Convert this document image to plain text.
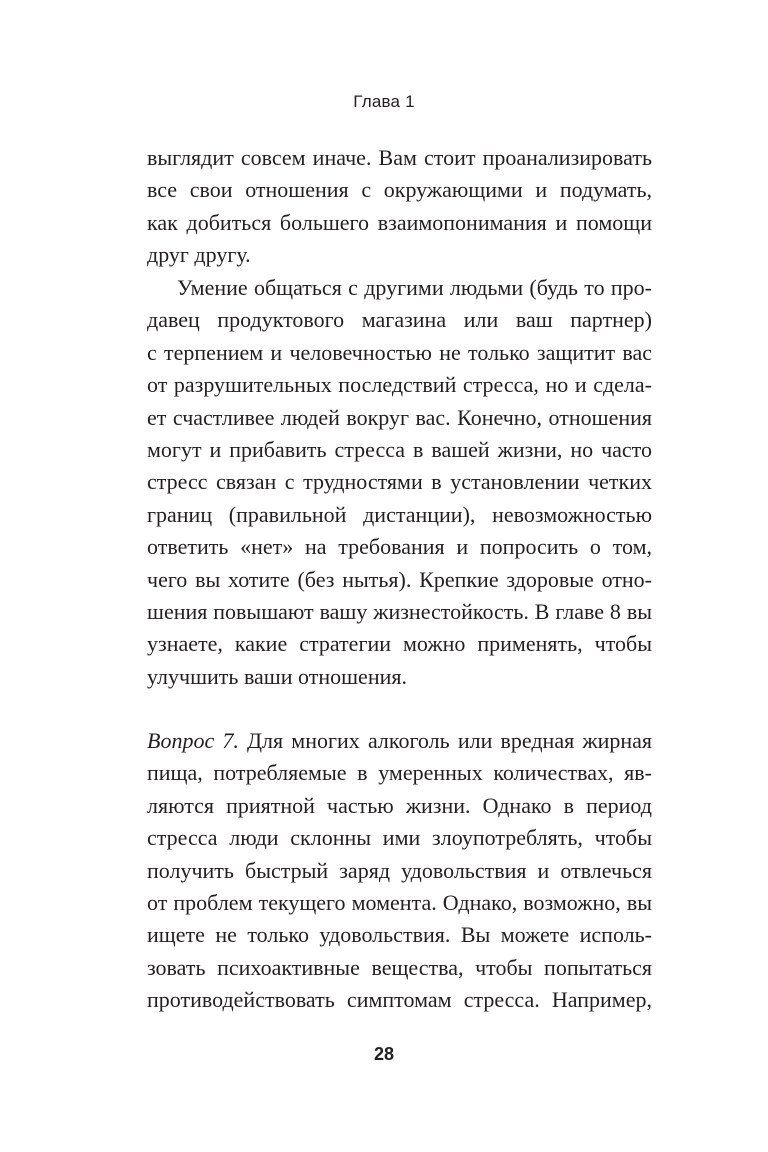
Глава 1
выглядит совсем иначе. Вам стоит проанализировать
все свои отношения с окружающими и подумать,
как добиться большего взаимопонимания и помощи
друг другу.
Умение общаться с другими людьми (будь то про-
давец продуктового магазина или ваш партнер)
с терпением и человечностью не только защитит вас
от разрушительных последствий стресса, но и сдела-
ет счастливее людей вокруг вас. Конечно, отношения
могут и прибавить стресса в вашей жизни, но часто
стресс связан с трудностями в установлении четких
границ (правильной дистанции), невозможностью
ответить «нет» на требования и попросить о том,
чего вы хотите (без нытья). Крепкие здоровые отно-
шения повышают вашу жизнестойкость. В главе 8 вы
узнаете, какие стратегии можно применять, чтобы
улучшить ваши отношения.
Вопрос 7. Для многих алкоголь или вредная жирная
пища, потребляемые в умеренных количествах, яв-
ляются приятной частью жизни. Однако в период
стресса люди склонны ими злоупотреблять, чтобы
получить быстрый заряд удовольствия и отвлечься
от проблем текущего момента. Однако, возможно, вы
ищете не только удовольствия. Вы можете исполь-
зовать психоактивные вещества, чтобы попытаться
противодействовать симптомам стресса. Например,
28
